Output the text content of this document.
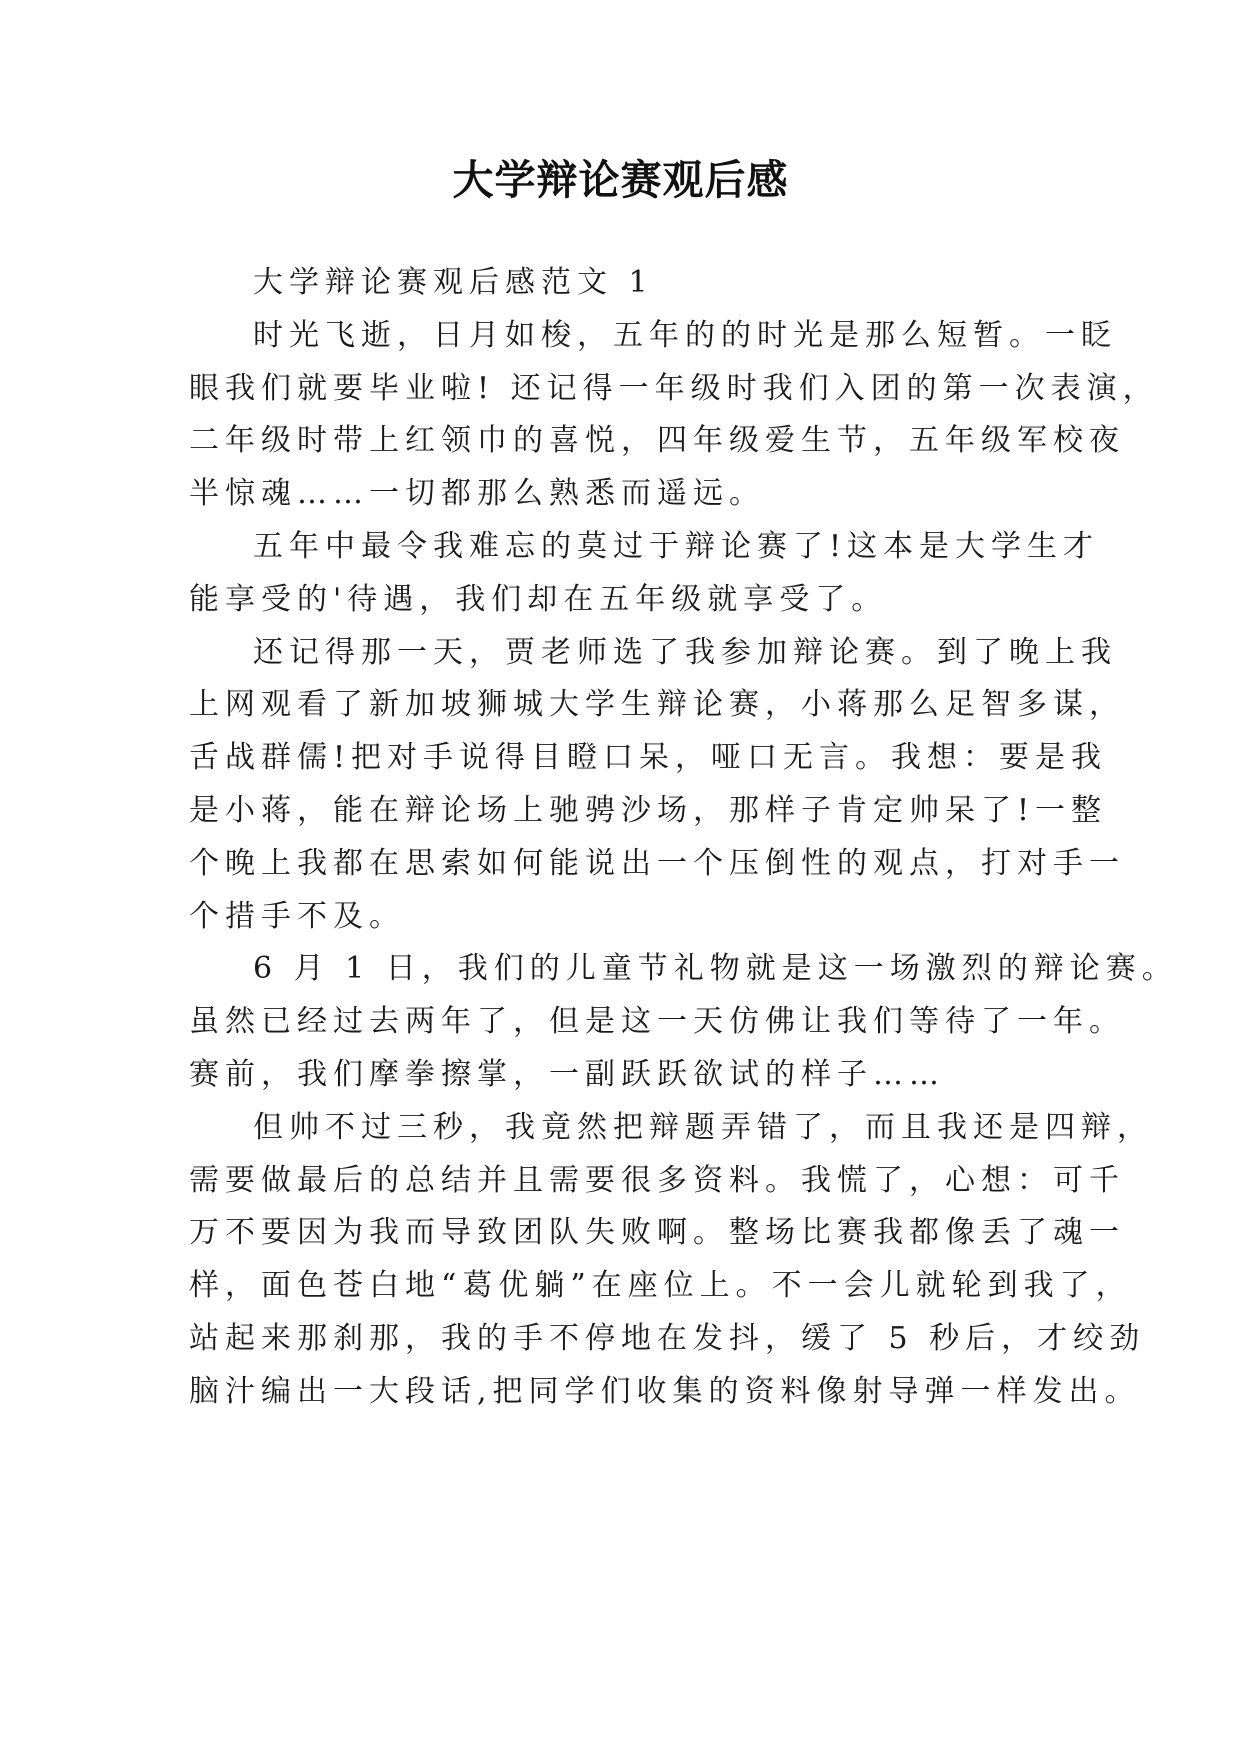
大学辩论赛观后感
大学辩论赛观后感范文 1
时光飞逝，日月如梭，五年的的时光是那么短暂。一眨
眼我们就要毕业啦! 还记得一年级时我们入团的第一次表演，
二年级时带上红领巾的喜悦，四年级爱生节，五年级军校夜
半惊魂……一切都那么熟悉而遥远。
五年中最令我难忘的莫过于辩论赛了!这本是大学生才
能享受的'待遇，我们却在五年级就享受了。
还记得那一天，贾老师选了我参加辩论赛。到了晚上我
上网观看了新加坡狮城大学生辩论赛，小蒋那么足智多谋，
舌战群儒!把对手说得目瞪口呆，哑口无言。我想：要是我
是小蒋，能在辩论场上驰骋沙场，那样子肯定帅呆了!一整
个晚上我都在思索如何能说出一个压倒性的观点，打对手一
个措手不及。
6 月 1 日，我们的儿童节礼物就是这一场激烈的辩论赛。
虽然已经过去两年了，但是这一天仿佛让我们等待了一年。
赛前，我们摩拳擦掌，一副跃跃欲试的样子……
但帅不过三秒，我竟然把辩题弄错了，而且我还是四辩，
需要做最后的总结并且需要很多资料。我慌了，心想：可千
万不要因为我而导致团队失败啊。整场比赛我都像丢了魂一
样，面色苍白地“葛优躺”在座位上。不一会儿就轮到我了，
站起来那刹那，我的手不停地在发抖，缓了 5 秒后，才绞劲
脑汁编出一大段话,把同学们收集的资料像射导弹一样发出。
